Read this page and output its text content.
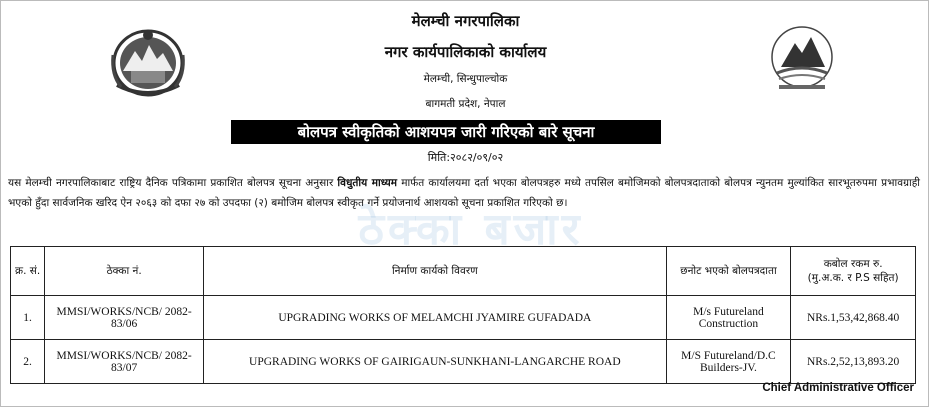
मेलम्ची नगरपालिका
नगर कार्यपालिकाको कार्यालय
मेलम्ची, सिन्धुपाल्चोक
बागमती प्रदेश, नेपाल
बोलपत्र स्वीकृतिको आशयपत्र जारी गरिएको बारे सूचना
मिति:२०८२/०९/०२
ठेक्का बजार
यस मेलम्ची नगरपालिकाबाट राष्ट्रिय दैनिक पत्रिकामा प्रकाशित बोलपत्र सूचना अनुसार विधुतीय माध्यम मार्फत कार्यालयमा दर्ता भएका बोलपत्रहरु मध्ये तपसिल बमोजिमको बोलपत्रदाताको बोलपत्र न्युनतम मुल्यांकित सारभूतरुपमा प्रभावग्राही भएको हुँदा सार्वजनिक खरिद ऐन २०६३ को दफा २७ को उपदफा (२) बमोजिम बोलपत्र स्वीकृत गर्ने प्रयोजनार्थ आशयको सूचना प्रकाशित गरिएको छ।
क्र. सं.	ठेक्का नं.	निर्माण कार्यको विवरण	छनोट भएको बोलपत्रदाता	कबोल रकम रु.
(मु.अ.क. र P.S सहित)

1.	MMSI/WORKS/NCB/ 2082-83/06	UPGRADING WORKS OF MELAMCHI JYAMIRE GUFADADA	M/s Futureland Construction	NRs.1,53,42,868.40
2.	MMSI/WORKS/NCB/ 2082-83/07	UPGRADING WORKS OF GAIRIGAUN-SUNKHANI-LANGARCHE ROAD	M/S Futureland/D.C Builders-JV.	NRs.2,52,13,893.20
Chief Administrative Officer
